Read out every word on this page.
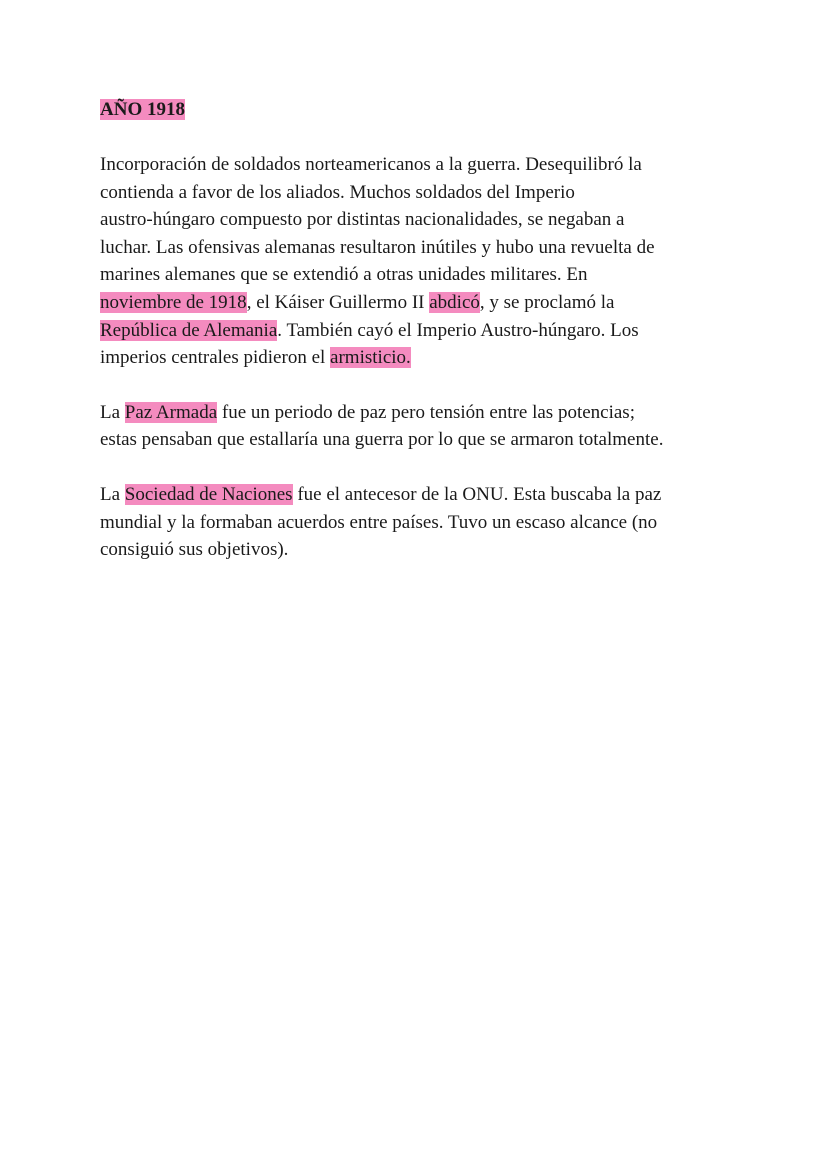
AÑO 1918
Incorporación de soldados norteamericanos a la guerra. Desequilibró la
contienda a favor de los aliados. Muchos soldados del Imperio
austro-húngaro compuesto por distintas nacionalidades, se negaban a
luchar. Las ofensivas alemanas resultaron inútiles y hubo una revuelta de
marines alemanes que se extendió a otras unidades militares. En
noviembre de 1918, el Káiser Guillermo II abdicó, y se proclamó la
República de Alemania. También cayó el Imperio Austro-húngaro. Los
imperios centrales pidieron el armisticio.
La Paz Armada fue un periodo de paz pero tensión entre las potencias;
estas pensaban que estallaría una guerra por lo que se armaron totalmente.
La Sociedad de Naciones fue el antecesor de la ONU. Esta buscaba la paz
mundial y la formaban acuerdos entre países. Tuvo un escaso alcance (no
consiguió sus objetivos).
